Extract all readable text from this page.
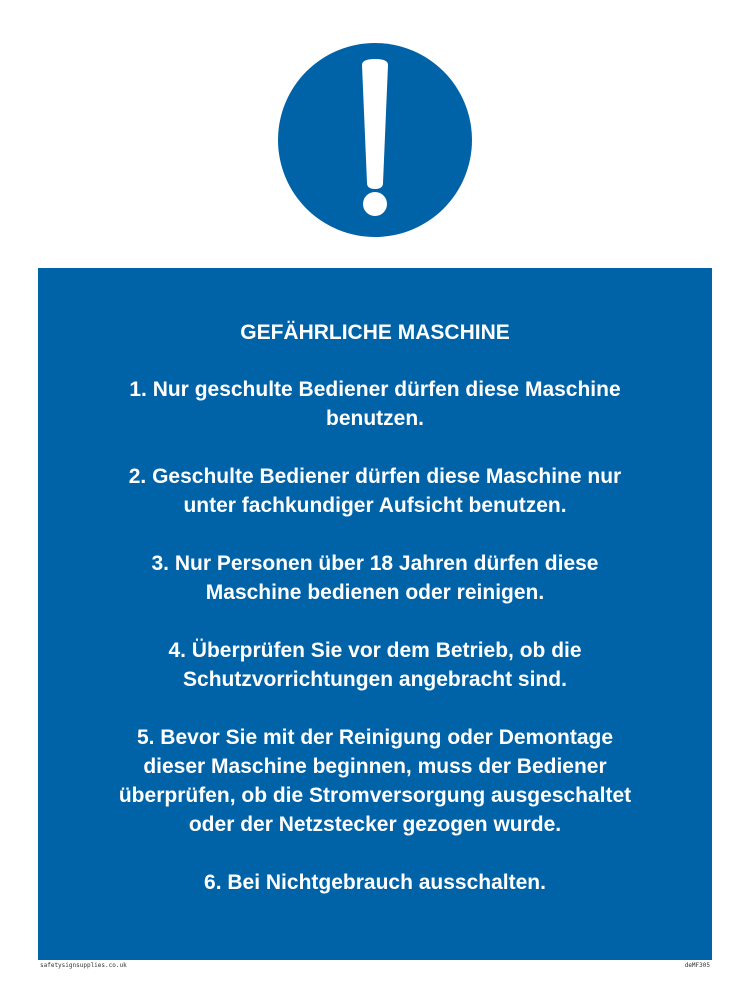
GEFÄHRLICHE MASCHINE
1. Nur geschulte Bediener dürfen diese Maschine
benutzen.
2. Geschulte Bediener dürfen diese Maschine nur
unter fachkundiger Aufsicht benutzen.
3. Nur Personen über 18 Jahren dürfen diese
Maschine bedienen oder reinigen.
4. Überprüfen Sie vor dem Betrieb, ob die
Schutzvorrichtungen angebracht sind.
5. Bevor Sie mit der Reinigung oder Demontage
dieser Maschine beginnen, muss der Bediener
überprüfen, ob die Stromversorgung ausgeschaltet
oder der Netzstecker gezogen wurde.
6. Bei Nichtgebrauch ausschalten.
safetysignsupplies.co.uk	deMF305
